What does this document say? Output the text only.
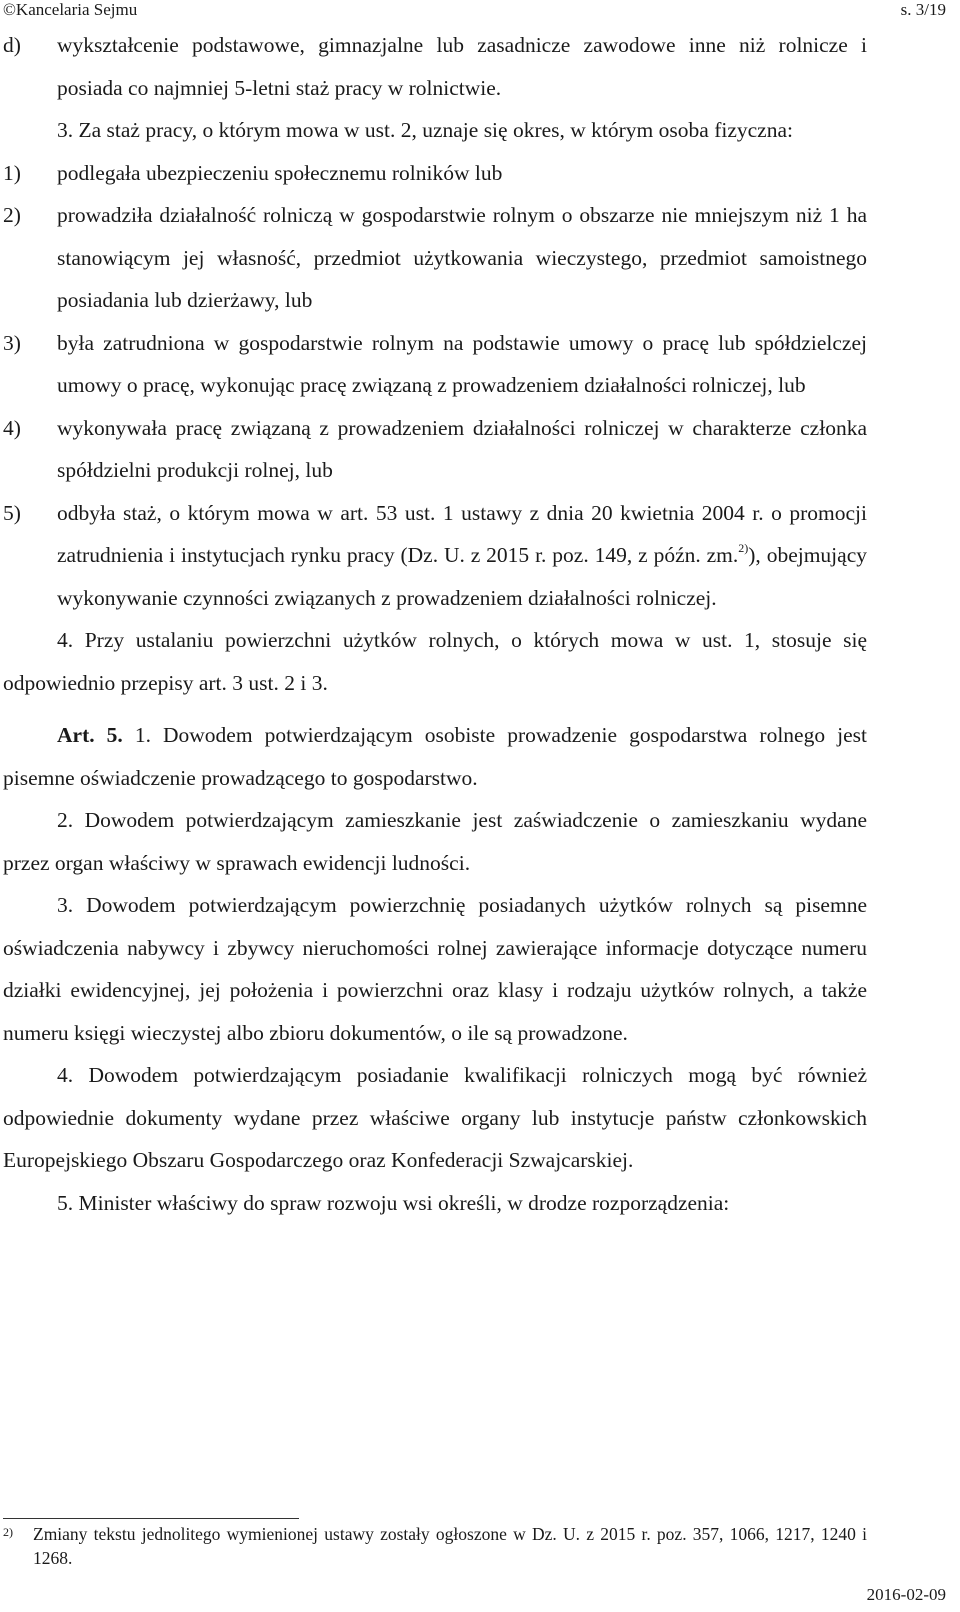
©Kancelaria Sejmu	s. 3/19
d)	wykształcenie podstawowe, gimnazjalne lub zasadnicze zawodowe inne niż rolnicze i posiada co najmniej 5-letni staż pracy w rolnictwie.

3. Za staż pracy, o którym mowa w ust. 2, uznaje się okres, w którym osoba fizyczna:

1)	podlegała ubezpieczeniu społecznemu rolników lub
2)	prowadziła działalność rolniczą w gospodarstwie rolnym o obszarze nie mniejszym niż 1 ha stanowiącym jej własność, przedmiot użytkowania wieczystego, przedmiot samoistnego posiadania lub dzierżawy, lub
3)	była zatrudniona w gospodarstwie rolnym na podstawie umowy o pracę lub spółdzielczej umowy o pracę, wykonując pracę związaną z prowadzeniem działalności rolniczej, lub
4)	wykonywała pracę związaną z prowadzeniem działalności rolniczej w charakterze członka spółdzielni produkcji rolnej, lub
5)	odbyła staż, o którym mowa w art. 53 ust. 1 ustawy z dnia 20 kwietnia 2004 r. o promocji zatrudnienia i instytucjach rynku pracy (Dz. U. z 2015 r. poz. 149, z późn. zm.$^{2)}$), obejmujący wykonywanie czynności związanych z prowadzeniem działalności rolniczej.

4. Przy ustalaniu powierzchni użytków rolnych, o których mowa w ust. 1, stosuje się odpowiednio przepisy art. 3 ust. 2 i 3.

Art. 5. 1. Dowodem potwierdzającym osobiste prowadzenie gospodarstwa rolnego jest pisemne oświadczenie prowadzącego to gospodarstwo.

2. Dowodem potwierdzającym zamieszkanie jest zaświadczenie o zamieszkaniu wydane przez organ właściwy w sprawach ewidencji ludności.

3. Dowodem potwierdzającym powierzchnię posiadanych użytków rolnych są pisemne oświadczenia nabywcy i zbywcy nieruchomości rolnej zawierające informacje dotyczące numeru działki ewidencyjnej, jej położenia i powierzchni oraz klasy i rodzaju użytków rolnych, a także numeru księgi wieczystej albo zbioru dokumentów, o ile są prowadzone.

4. Dowodem potwierdzającym posiadanie kwalifikacji rolniczych mogą być również odpowiednie dokumenty wydane przez właściwe organy lub instytucje państw członkowskich Europejskiego Obszaru Gospodarczego oraz Konfederacji Szwajcarskiej.

5. Minister właściwy do spraw rozwoju wsi określi, w drodze rozporządzenia:

2)	Zmiany tekstu jednolitego wymienionej ustawy zostały ogłoszone w Dz. U. z 2015 r. poz. 357, 1066, 1217, 1240 i 1268.
2016-02-09
